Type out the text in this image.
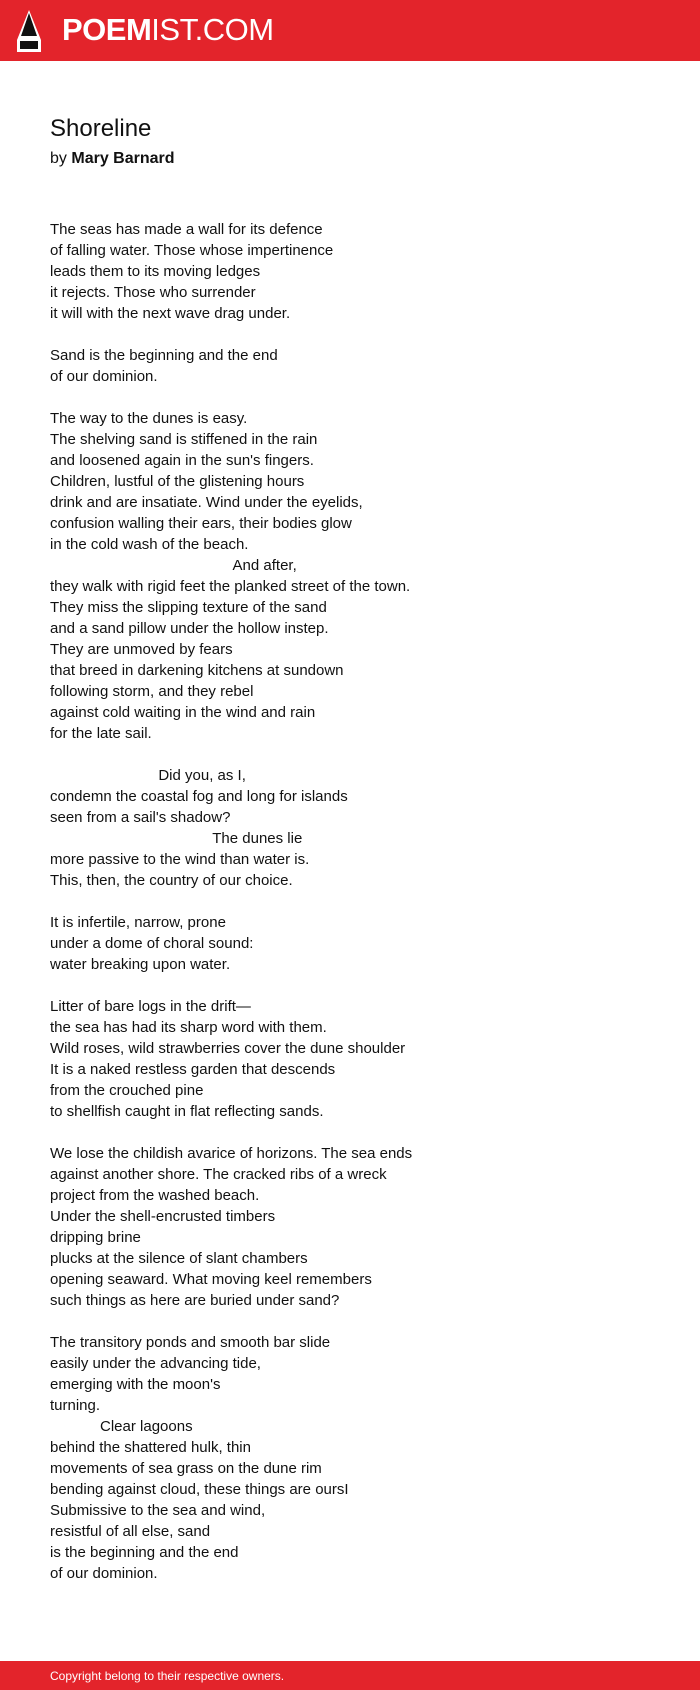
POEMIST.COM
Shoreline
by Mary Barnard
The seas has made a wall for its defence
of falling water. Those whose impertinence
leads them to its moving ledges
it rejects. Those who surrender
it will with the next wave drag under.
Sand is the beginning and the end
of our dominion.
The way to the dunes is easy.
The shelving sand is stiffened in the rain
and loosened again in the sun's fingers.
Children, lustful of the glistening hours
drink and are insatiate. Wind under the eyelids,
confusion walling their ears, their bodies glow
in the cold wash of the beach.
And after,
they walk with rigid feet the planked street of the town.
They miss the slipping texture of the sand
and a sand pillow under the hollow instep.
They are unmoved by fears
that breed in darkening kitchens at sundown
following storm, and they rebel
against cold waiting in the wind and rain
for the late sail.
Did you, as I,
condemn the coastal fog and long for islands
seen from a sail's shadow?
The dunes lie
more passive to the wind than water is.
This, then, the country of our choice.
It is infertile, narrow, prone
under a dome of choral sound:
water breaking upon water.
Litter of bare logs in the drift—
the sea has had its sharp word with them.
Wild roses, wild strawberries cover the dune shoulder
It is a naked restless garden that descends
from the crouched pine
to shellfish caught in flat reflecting sands.
We lose the childish avarice of horizons. The sea ends
against another shore. The cracked ribs of a wreck
project from the washed beach.
Under the shell-encrusted timbers
dripping brine
plucks at the silence of slant chambers
opening seaward. What moving keel remembers
such things as here are buried under sand?
The transitory ponds and smooth bar slide
easily under the advancing tide,
emerging with the moon's
turning.
Clear lagoons
behind the shattered hulk, thin
movements of sea grass on the dune rim
bending against cloud, these things are oursI
Submissive to the sea and wind,
resistful of all else, sand
is the beginning and the end
of our dominion.
Copyright belong to their respective owners.
